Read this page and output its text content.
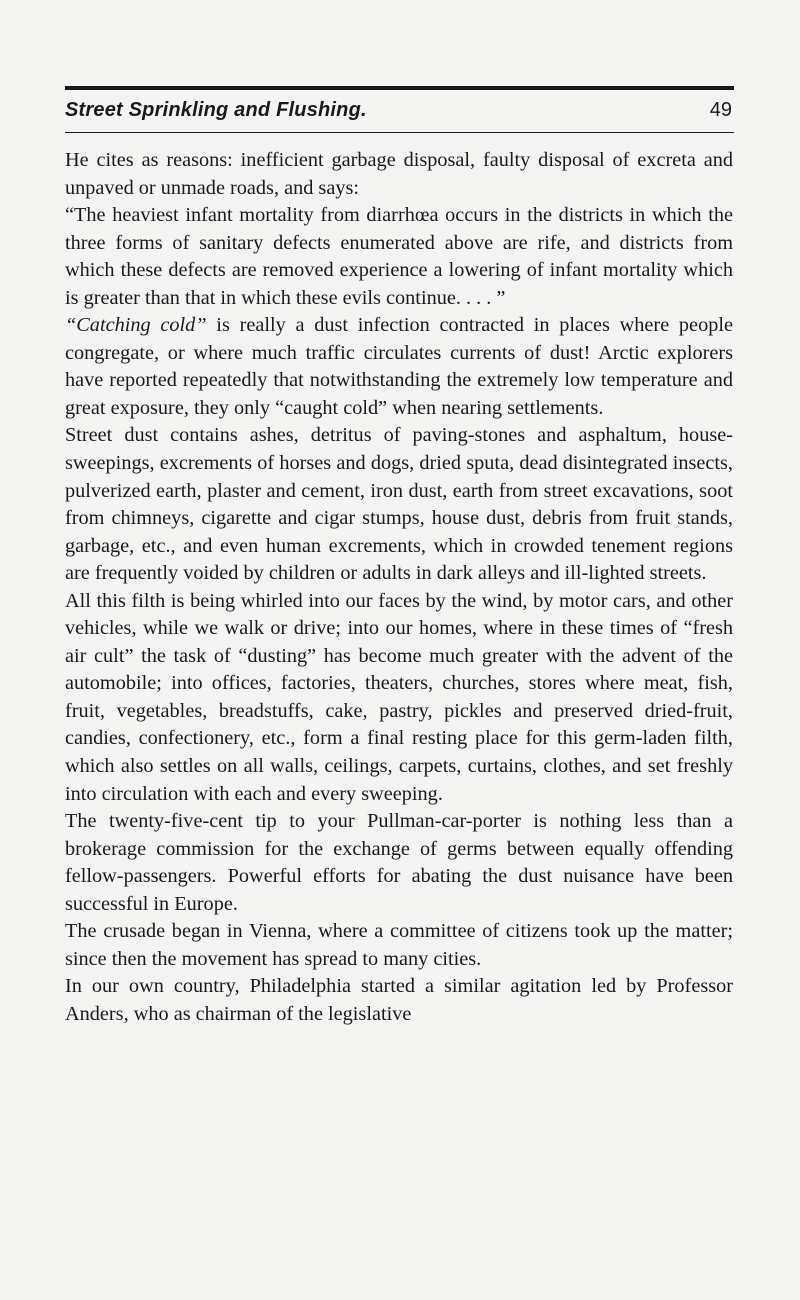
Street Sprinkling and Flushing.	49

He cites as reasons: inefficient garbage disposal, faulty disposal of excreta and unpaved or unmade roads, and says:

“The heaviest infant mortality from diarrhœa occurs in the districts in which the three forms of sanitary defects enumerated above are rife, and districts from which these defects are removed experience a lowering of infant mortality which is greater than that in which these evils continue. . . . ”

“Catching cold” is really a dust infection contracted in places where people congregate, or where much traffic circulates currents of dust! Arctic explorers have reported repeatedly that notwithstanding the extremely low temperature and great exposure, they only “caught cold” when nearing settlements.

Street dust contains ashes, detritus of paving-stones and asphaltum, house-sweepings, excrements of horses and dogs, dried sputa, dead disintegrated insects, pulverized earth, plaster and cement, iron dust, earth from street excavations, soot from chimneys, cigarette and cigar stumps, house dust, debris from fruit stands, garbage, etc., and even human excrements, which in crowded tenement regions are frequently voided by children or adults in dark alleys and ill-lighted streets.

All this filth is being whirled into our faces by the wind, by motor cars, and other vehicles, while we walk or drive; into our homes, where in these times of “fresh air cult” the task of “dusting” has become much greater with the advent of the automobile; into offices, factories, theaters, churches, stores where meat, fish, fruit, vegetables, breadstuffs, cake, pastry, pickles and preserved dried-fruit, candies, confectionery, etc., form a final resting place for this germ-laden filth, which also settles on all walls, ceilings, carpets, curtains, clothes, and set freshly into circulation with each and every sweeping.

The twenty-five-cent tip to your Pullman-car-porter is nothing less than a brokerage commission for the exchange of germs between equally offending fellow-passengers. Powerful efforts for abating the dust nuisance have been successful in Europe.

The crusade began in Vienna, where a committee of citizens took up the matter; since then the movement has spread to many cities.

In our own country, Philadelphia started a similar agitation led by Professor Anders, who as chairman of the legislative
